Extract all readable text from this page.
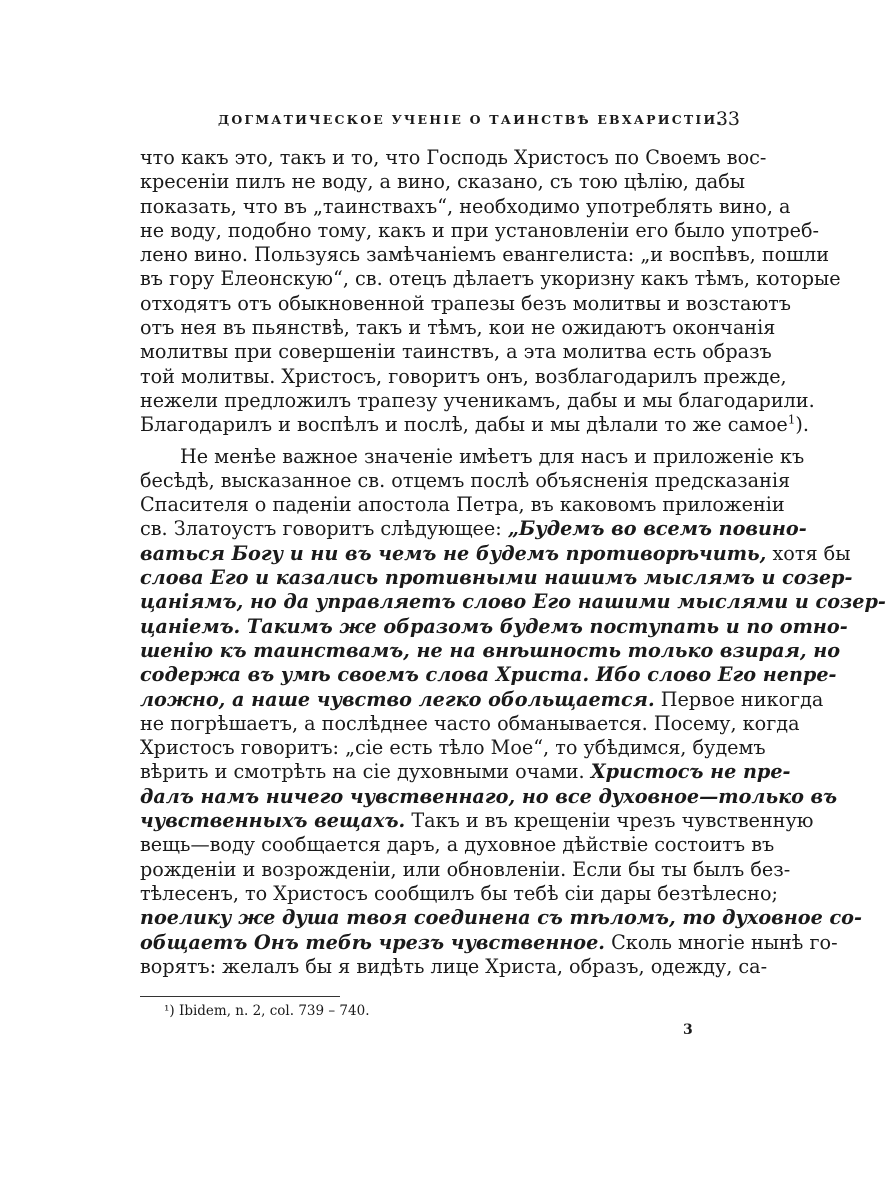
ДОГМАТИЧЕСКОЕ УЧЕНІЕ О ТАИНСТВѢ ЕВХАРИСТІИ.
33
что какъ это, такъ и то, что Господь Христосъ по Своемъ вос-
кресеніи пилъ не воду, а вино, сказано, съ тою цѣлію, дабы
показать, что въ „таинствахъ“, необходимо употреблять вино, а
не воду, подобно тому, какъ и при установленіи его было употреб-
лено вино. Пользуясь замѣчаніемъ евангелиста: „и воспѣвъ, пошли
въ гору Елеонскую“, св. отецъ дѣлаетъ укоризну какъ тѣмъ, которые
отходятъ отъ обыкновенной трапезы безъ молитвы и возстаютъ
отъ нея въ пьянствѣ, такъ и тѣмъ, кои не ожидаютъ окончанія
молитвы при совершеніи таинствъ, а эта молитва есть образъ
той молитвы. Христосъ, говоритъ онъ, возблагодарилъ прежде,
нежели предложилъ трапезу ученикамъ, дабы и мы благодарили.
Благодарилъ и воспѣлъ и послѣ, дабы и мы дѣлали то же самое$^1$).
Не менѣе важное значеніе имѣетъ для насъ и приложеніе къ
бесѣдѣ, высказанное св. отцемъ послѣ объясненія предсказанія
Спасителя о паденіи апостола Петра, въ каковомъ приложеніи
св. Златоустъ говоритъ слѣдующее: „Будемъ во всемъ повино-
ваться Богу и ни въ чемъ не будемъ противорѣчить, хотя бы
слова Его и казались противными нашимъ мыслямъ и созер-
цаніямъ, но да управляетъ слово Его нашими мыслями и созер-
цаніемъ. Такимъ же образомъ будемъ поступать и по отно-
шенію къ таинствамъ, не на внѣшность только взирая, но
содержа въ умѣ своемъ слова Христа. Ибо слово Его непре-
ложно, а наше чувство легко обольщается. Первое никогда
не погрѣшаетъ, а послѣднее часто обманывается. Посему, когда
Христосъ говоритъ: „сіе есть тѣло Мое“, то убѣдимся, будемъ
вѣрить и смотрѣть на сіе духовными очами. Христосъ не пре-
далъ намъ ничего чувственнаго, но все духовное—только въ
чувственныхъ вещахъ. Такъ и въ крещеніи чрезъ чувственную
вещь—воду сообщается даръ, а духовное дѣйствіе состоитъ въ
рожденіи и возрожденіи, или обновленіи. Если бы ты былъ без-
тѣлесенъ, то Христосъ сообщилъ бы тебѣ сіи дары безтѣлесно;
поелику же душа твоя соединена съ тѣломъ, то духовное со-
общаетъ Онъ тебѣ чрезъ чувственное. Сколь многіе нынѣ го-
ворятъ: желалъ бы я видѣть лице Христа, образъ, одежду, са-
¹) Ibidem, n. 2, col. 739 – 740.
3
